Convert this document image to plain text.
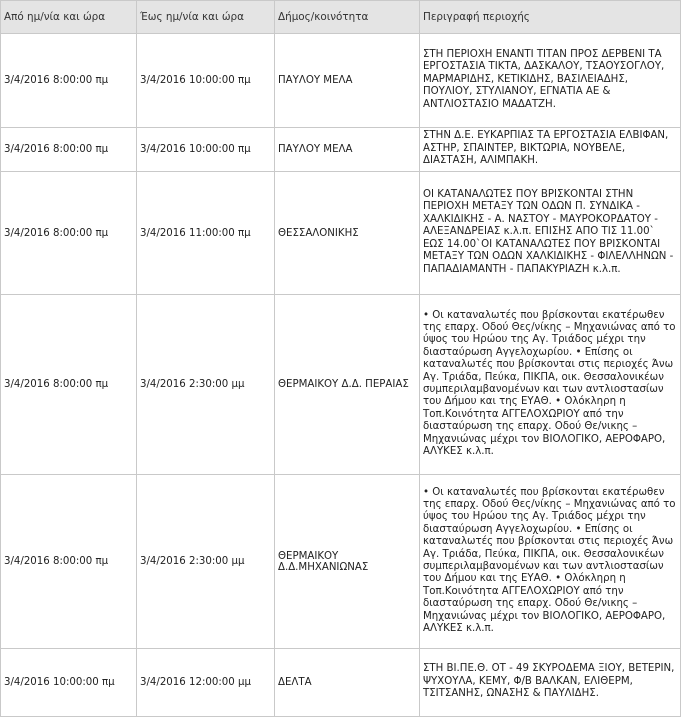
Από ημ/νία και ώρα	Έως ημ/νία και ώρα	Δήμος/κοινότητα	Περιγραφή περιοχής
3/4/2016 8:00:00 πμ	3/4/2016 10:00:00 πμ	ΠΑΥΛΟΥ ΜΕΛΑ	ΣΤΗ ΠΕΡΙΟΧΗ ΕΝΑΝΤΙ ΤΙΤΑΝ ΠΡΟΣ ΔΕΡΒΕΝΙ ΤΑ ΕΡΓΟΣΤΑΣΙΑ ΤΙΚΤΑ, ΔΑΣΚΑΛΟΥ, ΤΣΑΟΥΣΟΓΛΟΥ, ΜΑΡΜΑΡΙΔΗΣ, ΚΕΤΙΚΙΔΗΣ, ΒΑΣΙΛΕΙΑΔΗΣ, ΠΟΥΛΙΟΥ, ΣΤΥΛΙΑΝΟΥ, ΕΓΝΑΤΙΑ ΑΕ & ΑΝΤΛΙΟΣΤΑΣΙΟ ΜΑΔΑΤΖΗ.
3/4/2016 8:00:00 πμ	3/4/2016 10:00:00 πμ	ΠΑΥΛΟΥ ΜΕΛΑ	ΣΤΗΝ Δ.Ε. ΕΥΚΑΡΠΙΑΣ ΤΑ ΕΡΓΟΣΤΑΣΙΑ ΕΛΒΙΦΑΝ, ΑΣΤΗΡ, ΣΠΑΙΝΤΕΡ, ΒΙΚΤΩΡΙΑ, ΝΟΥΒΕΛΕ, ΔΙΑΣΤΑΣΗ, ΑΛΙΜΠΑΚΗ.
3/4/2016 8:00:00 πμ	3/4/2016 11:00:00 πμ	ΘΕΣΣΑΛΟΝΙΚΗΣ	ΟΙ ΚΑΤΑΝΑΛΩΤΕΣ ΠΟΥ ΒΡΙΣΚΟΝΤΑΙ ΣΤΗΝ ΠΕΡΙΟΧΗ ΜΕΤΑΞΥ ΤΩΝ ΟΔΩΝ Π. ΣΥΝΔΙΚΑ - ΧΑΛΚΙΔΙΚΗΣ - Α. ΝΑΣΤΟΥ - ΜΑΥΡΟΚΟΡΔΑΤΟΥ - ΑΛΕΞΑΝΔΡΕΙΑΣ κ.λ.π. ΕΠΙΣΗΣ ΑΠΟ ΤΙΣ 11.00` ΕΩΣ 14.00`ΟΙ ΚΑΤΑΝΑΛΩΤΕΣ ΠΟΥ ΒΡΙΣΚΟΝΤΑΙ ΜΕΤΑΞΥ ΤΩΝ ΟΔΩΝ ΧΑΛΚΙΔΙΚΗΣ - ΦΙΛΕΛΛΗΝΩΝ - ΠΑΠΑΔΙΑΜΑΝΤΗ - ΠΑΠΑΚΥΡΙΑΖΗ κ.λ.π.
3/4/2016 8:00:00 πμ	3/4/2016 2:30:00 μμ	ΘΕΡΜΑΙΚΟΥ Δ.Δ. ΠΕΡΑΙΑΣ	• Οι καταναλωτές που βρίσκονται εκατέρωθεν της επαρχ. Οδού Θες/νίκης – Μηχανιώνας από το ύψος του Ηρώου της Αγ. Τριάδος μέχρι την διασταύρωση Αγγελοχωρίου. • Επίσης οι καταναλωτές που βρίσκονται στις περιοχές Άνω Αγ. Τριάδα, Πεύκα, ΠΙΚΠΑ, οικ. Θεσσαλονικέων συμπεριλαμβανομένων και των αντλιοστασίων του Δήμου και της ΕΥΑΘ. • Ολόκληρη η Τοπ.Κοινότητα ΑΓΓΕΛΟΧΩΡΙΟΥ από την διασταύρωση της επαρχ. Οδού Θε/νικης – Μηχανιώνας μέχρι τον ΒΙΟΛΟΓΙΚΟ, ΑΕΡΟΦΑΡΟ, ΑΛΥΚΕΣ κ.λ.π.
3/4/2016 8:00:00 πμ	3/4/2016 2:30:00 μμ	ΘΕΡΜΑΙΚΟΥ Δ.Δ.ΜΗΧΑΝΙΩΝΑΣ	• Οι καταναλωτές που βρίσκονται εκατέρωθεν της επαρχ. Οδού Θες/νίκης – Μηχανιώνας από το ύψος του Ηρώου της Αγ. Τριάδος μέχρι την διασταύρωση Αγγελοχωρίου. • Επίσης οι καταναλωτές που βρίσκονται στις περιοχές Άνω Αγ. Τριάδα, Πεύκα, ΠΙΚΠΑ, οικ. Θεσσαλονικέων συμπεριλαμβανομένων και των αντλιοστασίων του Δήμου και της ΕΥΑΘ. • Ολόκληρη η Τοπ.Κοινότητα ΑΓΓΕΛΟΧΩΡΙΟΥ από την διασταύρωση της επαρχ. Οδού Θε/νικης – Μηχανιώνας μέχρι τον ΒΙΟΛΟΓΙΚΟ, ΑΕΡΟΦΑΡΟ, ΑΛΥΚΕΣ κ.λ.π.
3/4/2016 10:00:00 πμ	3/4/2016 12:00:00 μμ	ΔΕΛΤΑ	ΣΤΗ ΒΙ.ΠΕ.Θ. ΟΤ - 49 ΣΚΥΡΟΔΕΜΑ ΞΙΟΥ, ΒΕΤΕΡΙΝ, ΨΥΧΟΥΛΑ, ΚΕΜΥ, Φ/Β ΒΑΛΚΑΝ, ΕΛΙΘΕΡΜ, ΤΣΙΤΣΑΝΗΣ, ΩΝΑΣΗΣ & ΠΑΥΛΙΔΗΣ.
